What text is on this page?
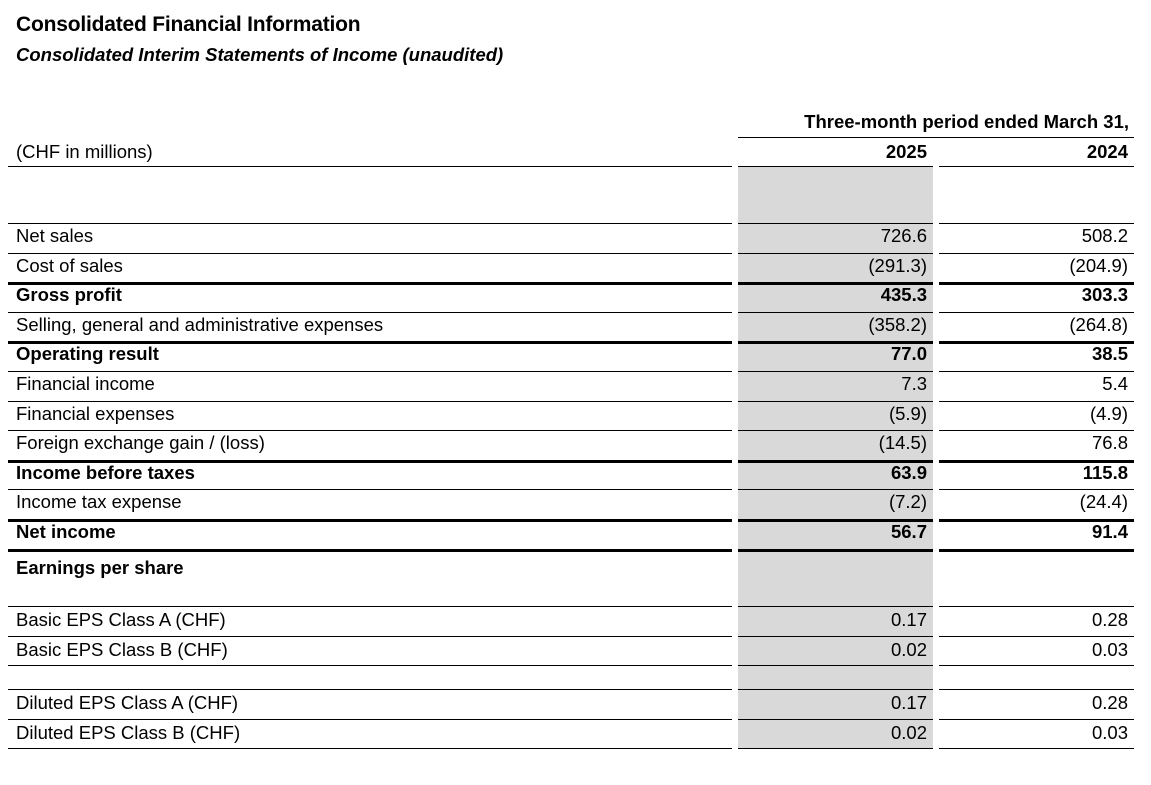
Consolidated Financial Information
Consolidated Interim Statements of Income (unaudited)
Three-month period ended March 31,
(CHF in millions)	2025	2024
Net sales	726.6	508.2
Cost of sales	(291.3)	(204.9)
Gross profit	435.3	303.3
Selling, general and administrative expenses	(358.2)	(264.8)
Operating result	77.0	38.5
Financial income	7.3	5.4
Financial expenses	(5.9)	(4.9)
Foreign exchange gain / (loss)	(14.5)	76.8
Income before taxes	63.9	115.8
Income tax expense	(7.2)	(24.4)
Net income	56.7	91.4
Earnings per share
Basic EPS Class A (CHF)	0.17	0.28
Basic EPS Class B (CHF)	0.02	0.03
Diluted EPS Class A (CHF)	0.17	0.28
Diluted EPS Class B (CHF)	0.02	0.03
